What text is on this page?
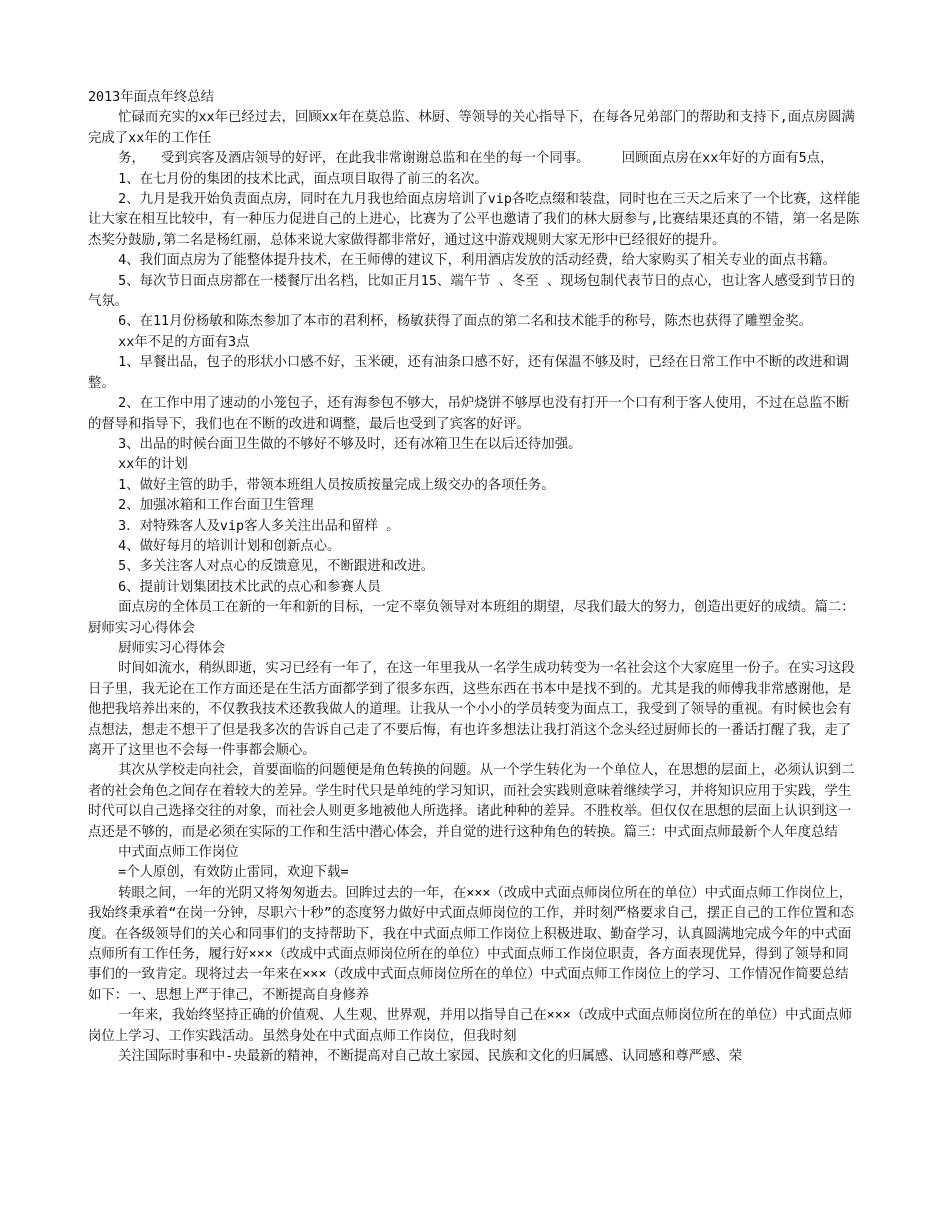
2013年面点年终总结

忙碌而充实的xx年已经过去，回顾xx年在莫总监、林厨、等领导的关心指导下，在每各兄弟部门的帮助和支持下,面点房圆满完成了xx年的工作任

务，  受到宾客及酒店领导的好评，在此我非常谢谢总监和在坐的每一个同事。    回顾面点房在xx年好的方面有5点，

1、在七月份的集团的技术比武，面点项目取得了前三的名次。

2、九月是我开始负责面点房，同时在九月我也给面点房培训了vip各吃点缀和装盘，同时也在三天之后来了一个比赛，这样能让大家在相互比较中，有一种压力促进自己的上进心，比赛为了公平也邀请了我们的林大厨参与,比赛结果还真的不错，第一名是陈杰奖分鼓励,第二名是杨红丽，总体来说大家做得都非常好，通过这中游戏规则大家无形中已经很好的提升。

4、我们面点房为了能整体提升技术，在王师傅的建议下，利用酒店发放的活动经费，给大家购买了相关专业的面点书籍。

5、每次节日面点房都在一楼餐厅出名档，比如正月15、端午节 、冬至 、现场包制代表节日的点心，也让客人感受到节日的气氛。

6、在11月份杨敏和陈杰参加了本市的君利杯，杨敏获得了面点的第二名和技术能手的称号，陈杰也获得了雕塑金奖。

xx年不足的方面有3点

1、早餐出品，包子的形状小口感不好，玉米硬，还有油条口感不好，还有保温不够及时，已经在日常工作中不断的改进和调整。

2、在工作中用了速动的小笼包子，还有海参包不够大，吊炉烧饼不够厚也没有打开一个口有利于客人使用，不过在总监不断的督导和指导下，我们也在不断的改进和调整，最后也受到了宾客的好评。

3、出品的时候台面卫生做的不够好不够及时，还有冰箱卫生在以后还待加强。

xx年的计划

1、做好主管的助手，带领本班组人员按质按量完成上级交办的各项任务。

2、加强冰箱和工作台面卫生管理

3．对特殊客人及vip客人多关注出品和留样 。

4、做好每月的培训计划和创新点心。

5、多关注客人对点心的反馈意见，不断跟进和改进。

6、提前计划集团技术比武的点心和参赛人员

面点房的全体员工在新的一年和新的目标，一定不辜负领导对本班组的期望，尽我们最大的努力，创造出更好的成绩。篇二：厨师实习心得体会

厨师实习心得体会

时间如流水，稍纵即逝，实习已经有一年了，在这一年里我从一名学生成功转变为一名社会这个大家庭里一份子。在实习这段日子里，我无论在工作方面还是在生活方面都学到了很多东西，这些东西在书本中是找不到的。尤其是我的师傅我非常感谢他，是他把我培养出来的，不仅教我技术还教我做人的道理。让我从一个小小的学员转变为面点工，我受到了领导的重视。有时候也会有点想法，想走不想干了但是我多次的告诉自己走了不要后悔，有也许多想法让我打消这个念头经过厨师长的一番话打醒了我，走了离开了这里也不会每一件事都会顺心。

其次从学校走向社会，首要面临的问题便是角色转换的问题。从一个学生转化为一个单位人，在思想的层面上，必须认识到二者的社会角色之间存在着较大的差异。学生时代只是单纯的学习知识，而社会实践则意味着继续学习，并将知识应用于实践，学生时代可以自己选择交往的对象，而社会人则更多地被他人所选择。诸此种种的差异。不胜枚举。但仅仅在思想的层面上认识到这一点还是不够的，而是必须在实际的工作和生活中潜心体会，并自觉的进行这种角色的转换。篇三：中式面点师最新个人年度总结

中式面点师工作岗位

=个人原创，有效防止雷同，欢迎下载=

转眼之间，一年的光阴又将匆匆逝去。回眸过去的一年，在×××（改成中式面点师岗位所在的单位）中式面点师工作岗位上，我始终秉承着“在岗一分钟，尽职六十秒”的态度努力做好中式面点师岗位的工作，并时刻严格要求自己，摆正自己的工作位置和态度。在各级领导们的关心和同事们的支持帮助下，我在中式面点师工作岗位上积极进取、勤奋学习，认真圆满地完成今年的中式面点师所有工作任务，履行好×××（改成中式面点师岗位所在的单位）中式面点师工作岗位职责，各方面表现优异，得到了领导和同事们的一致肯定。现将过去一年来在×××（改成中式面点师岗位所在的单位）中式面点师工作岗位上的学习、工作情况作简要总结如下：一、思想上严于律己，不断提高自身修养

一年来，我始终坚持正确的价值观、人生观、世界观，并用以指导自己在×××（改成中式面点师岗位所在的单位）中式面点师岗位上学习、工作实践活动。虽然身处在中式面点师工作岗位，但我时刻

关注国际时事和中-央最新的精神，不断提高对自己故土家园、民族和文化的归属感、认同感和尊严感、荣
